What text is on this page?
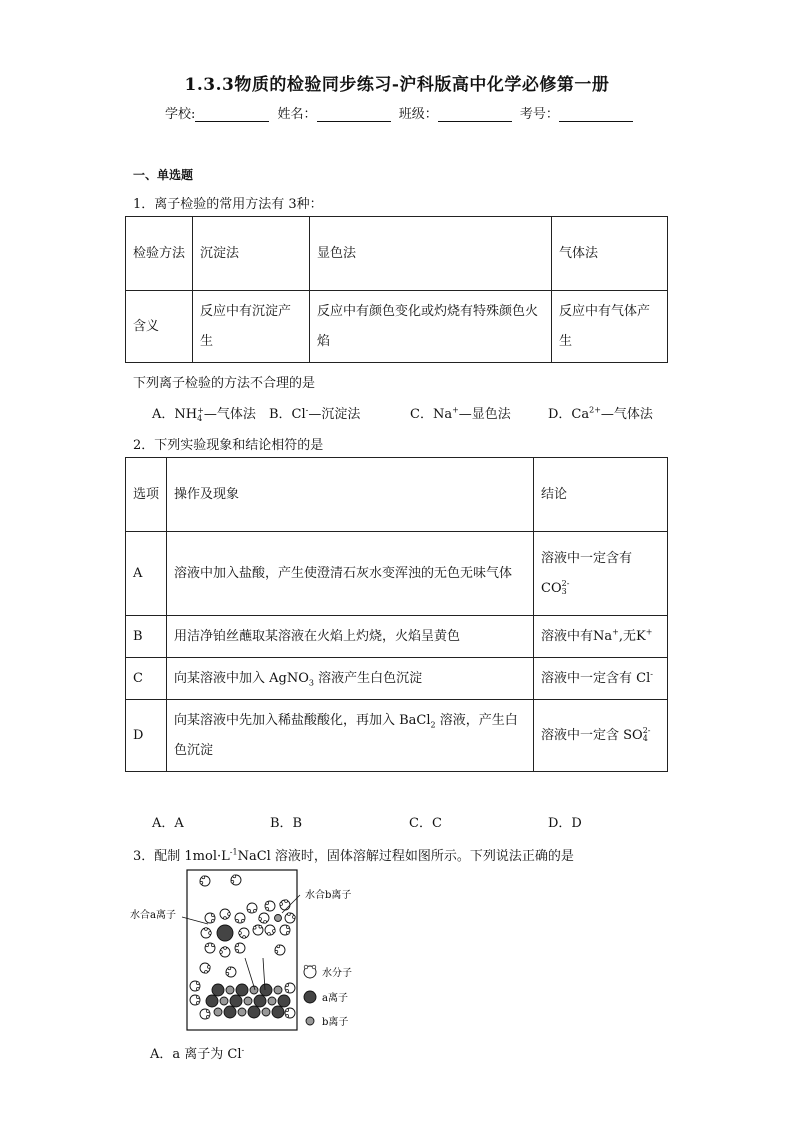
1.3.3物质的检验同步练习-沪科版高中化学必修第一册
学校:	姓名：	班级：	考号：
一、单选题
1．离子检验的常用方法有 3种：
检验方法	沉淀法	显色法	气体法
含义	反应中有沉淀产生	反应中有颜色变化或灼烧有特殊颜色火焰	反应中有气体产生
下列离子检验的方法不合理的是
A．NH +
4 —气体法 B．Cl-—沉淀法	C．Na+—显色法	D．$Ca^{2+}—$气体法
2．下列实验现象和结论相符的是
选项	操作及现象	结论
A	溶液中加入盐酸，产生使澄清石灰水变浑浊的无色无味气体	溶液中一定含有
CO 2-
3

B	用洁净铂丝蘸取某溶液在火焰上灼烧，火焰呈黄色	溶液中有Na+,无K+
C	向某溶液中加入 AgNO$_3$ 溶液产生白色沉淀	溶液中一定含有 Cl-
D	向某溶液中先加入稀盐酸酸化，再加入 BaCl$_2$ 溶液，产生白色沉淀	溶液中一定含 SO 2-
4
A．A	B．B	C．C	D．D
3．配制 $1mol\cdot L^{-1}NaCl$ 溶液时，固体溶解过程如图所示。下列说法正确的是
水合a离子
水合b离子
水分子
a离子
b离子
A．a 离子为 Cl-
